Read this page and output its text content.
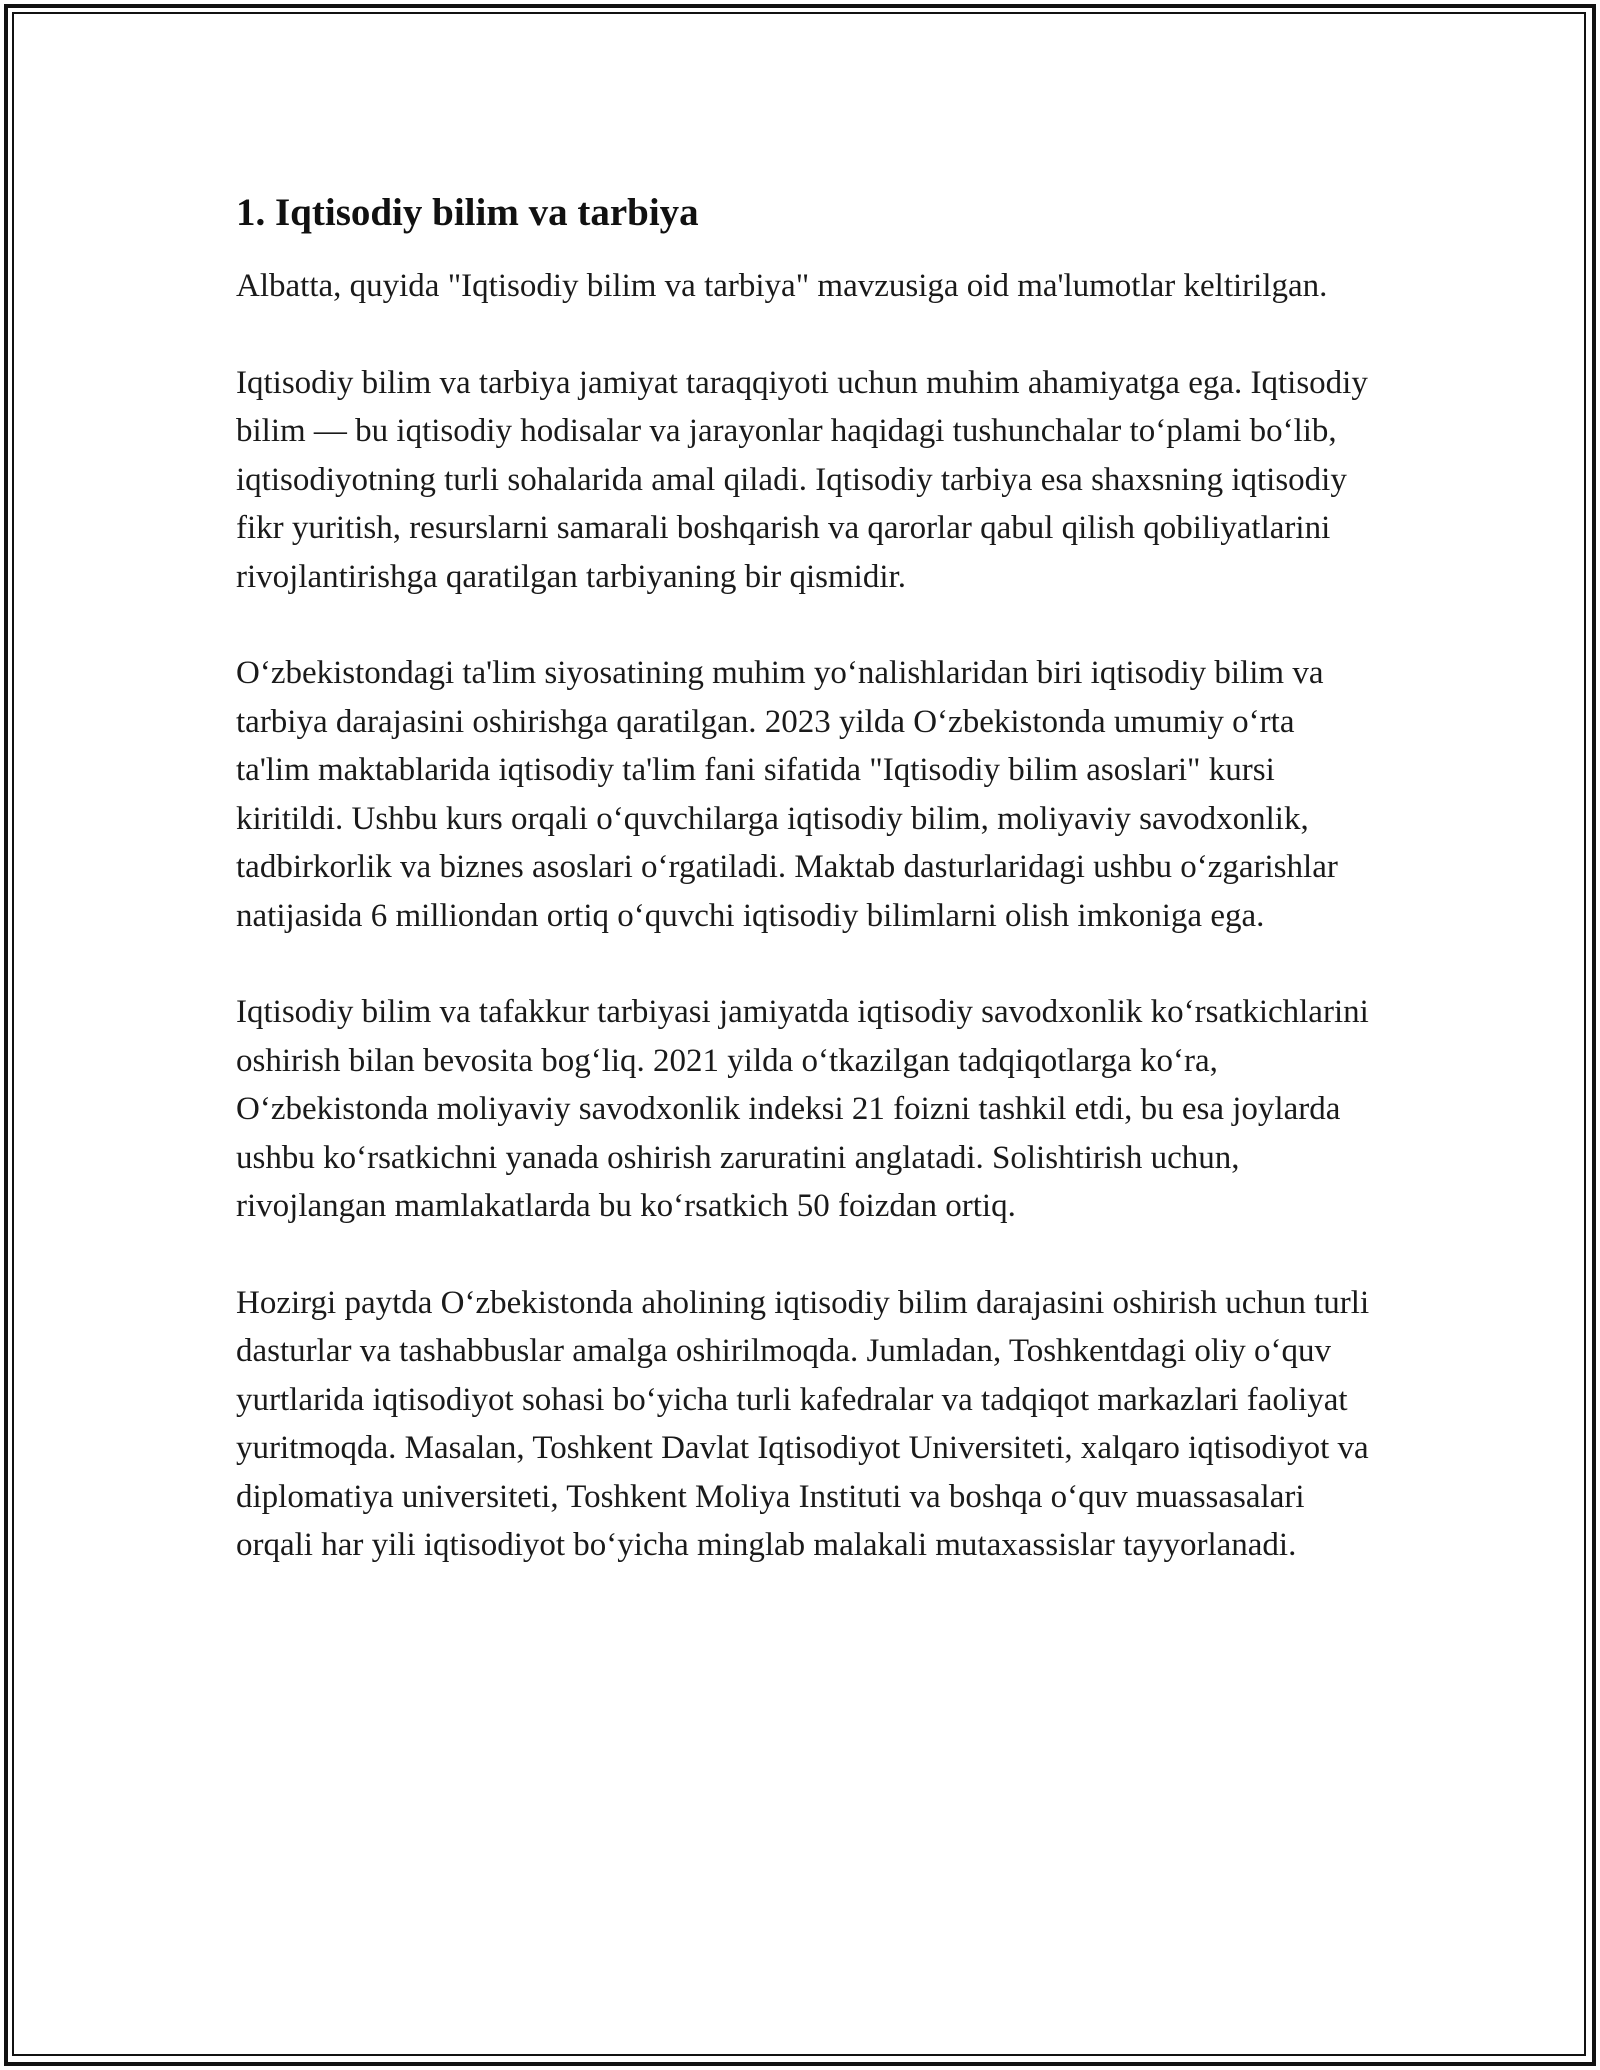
1. Iqtisodiy bilim va tarbiya

Albatta, quyida "Iqtisodiy bilim va tarbiya" mavzusiga oid ma'lumotlar keltirilgan.

Iqtisodiy bilim va tarbiya jamiyat taraqqiyoti uchun muhim ahamiyatga ega. Iqtisodiy bilim — bu iqtisodiy hodisalar va jarayonlar haqidagi tushunchalar to‘plami bo‘lib, iqtisodiyotning turli sohalarida amal qiladi. Iqtisodiy tarbiya esa shaxsning iqtisodiy fikr yuritish, resurslarni samarali boshqarish va qarorlar qabul qilish qobiliyatlarini rivojlantirishga qaratilgan tarbiyaning bir qismidir.

O‘zbekistondagi ta'lim siyosatining muhim yo‘nalishlaridan biri iqtisodiy bilim va tarbiya darajasini oshirishga qaratilgan. 2023 yilda O‘zbekistonda umumiy o‘rta ta'lim maktablarida iqtisodiy ta'lim fani sifatida "Iqtisodiy bilim asoslari" kursi kiritildi. Ushbu kurs orqali o‘quvchilarga iqtisodiy bilim, moliyaviy savodxonlik, tadbirkorlik va biznes asoslari o‘rgatiladi. Maktab dasturlaridagi ushbu o‘zgarishlar natijasida 6 milliondan ortiq o‘quvchi iqtisodiy bilimlarni olish imkoniga ega.

Iqtisodiy bilim va tafakkur tarbiyasi jamiyatda iqtisodiy savodxonlik ko‘rsatkichlarini oshirish bilan bevosita bog‘liq. 2021 yilda o‘tkazilgan tadqiqotlarga ko‘ra, O‘zbekistonda moliyaviy savodxonlik indeksi 21 foizni tashkil etdi, bu esa joylarda ushbu ko‘rsatkichni yanada oshirish zaruratini anglatadi. Solishtirish uchun, rivojlangan mamlakatlarda bu ko‘rsatkich 50 foizdan ortiq.

Hozirgi paytda O‘zbekistonda aholining iqtisodiy bilim darajasini oshirish uchun turli dasturlar va tashabbuslar amalga oshirilmoqda. Jumladan, Toshkentdagi oliy o‘quv yurtlarida iqtisodiyot sohasi bo‘yicha turli kafedralar va tadqiqot markazlari faoliyat yuritmoqda. Masalan, Toshkent Davlat Iqtisodiyot Universiteti, xalqaro iqtisodiyot va diplomatiya universiteti, Toshkent Moliya Instituti va boshqa o‘quv muassasalari orqali har yili iqtisodiyot bo‘yicha minglab malakali mutaxassislar tayyorlanadi.
